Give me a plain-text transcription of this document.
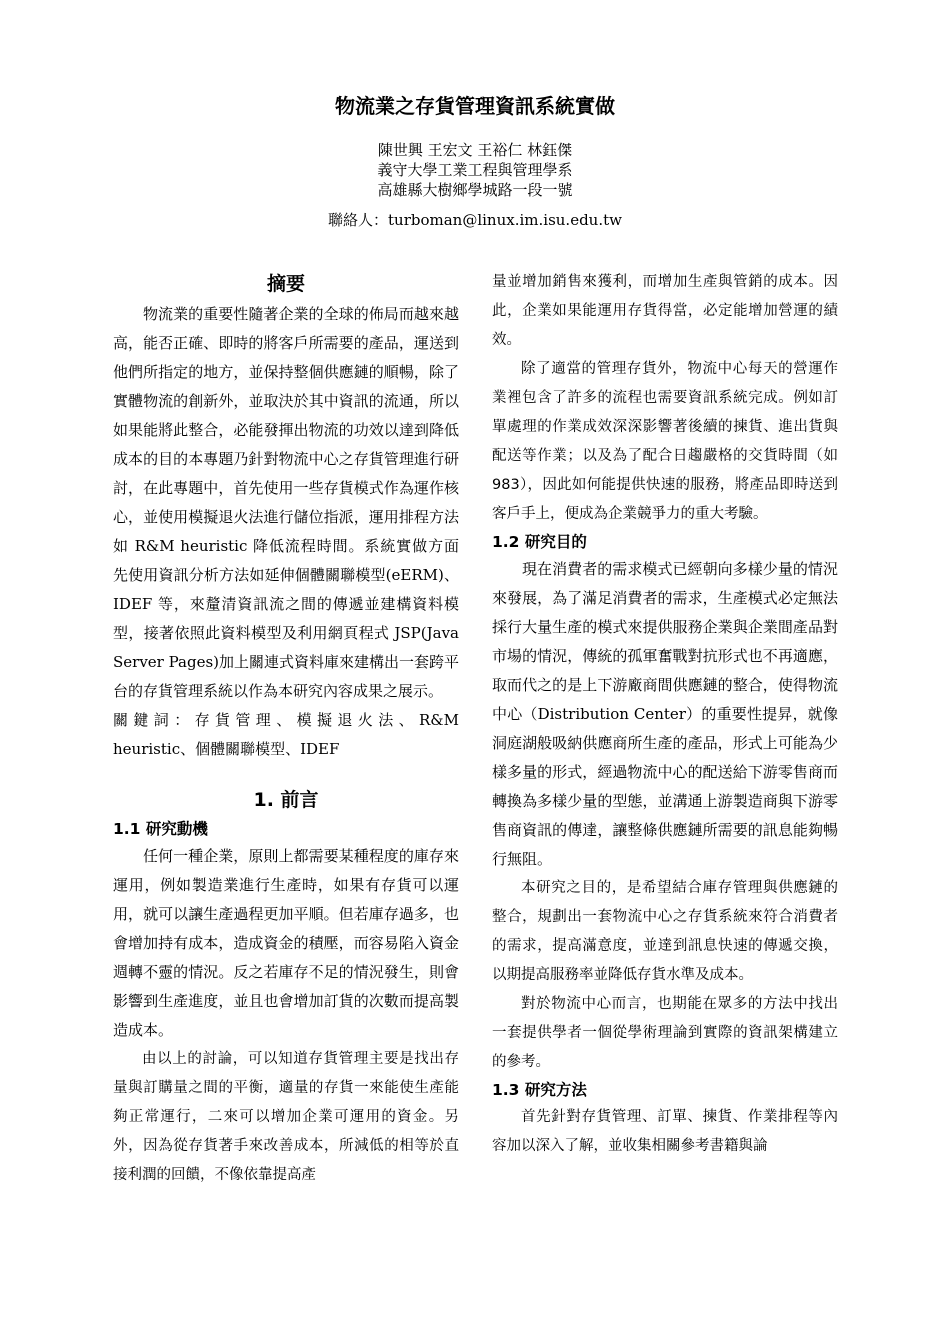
物流業之存貨管理資訊系統實做
陳世興 王宏文 王裕仁 林鈺傑
義守大學工業工程與管理學系
高雄縣大樹鄉學城路一段一號
聯絡人：turboman@linux.im.isu.edu.tw
摘要

物流業的重要性隨著企業的全球的佈局而越來越高，能否正確、即時的將客戶所需要的產品，運送到他們所指定的地方，並保持整個供應鏈的順暢，除了實體物流的創新外，並取決於其中資訊的流通，所以如果能將此整合，必能發揮出物流的功效以達到降低成本的目的本專題乃針對物流中心之存貨管理進行研討，在此專題中，首先使用一些存貨模式作為運作核心，並使用模擬退火法進行儲位指派，運用排程方法如 R&M heuristic 降低流程時間。系統實做方面先使用資訊分析方法如延伸個體關聯模型(eERM)、IDEF 等，來釐清資訊流之間的傳遞並建構資料模型，接著依照此資料模型及利用網頁程式 JSP(Java Server Pages)加上關連式資料庫來建構出一套跨平台的存貨管理系統以作為本研究內容成果之展示。

關鍵詞：存貨管理、模擬退火法、R&M heuristic、個體關聯模型、IDEF

1. 前言
1.1 研究動機

任何一種企業，原則上都需要某種程度的庫存來運用，例如製造業進行生產時，如果有存貨可以運用，就可以讓生產過程更加平順。但若庫存過多，也會增加持有成本，造成資金的積壓，而容易陷入資金週轉不靈的情況。反之若庫存不足的情況發生，則會影響到生產進度，並且也會增加訂貨的次數而提高製造成本。

由以上的討論，可以知道存貨管理主要是找出存量與訂購量之間的平衡，適量的存貨一來能使生產能夠正常運行，二來可以增加企業可運用的資金。另外，因為從存貨著手來改善成本，所減低的相等於直接利潤的回饋，不像依靠提高產

量並增加銷售來獲利，而增加生產與管銷的成本。因此，企業如果能運用存貨得當，必定能增加營運的績效。

除了適當的管理存貨外，物流中心每天的營運作業裡包含了許多的流程也需要資訊系統完成。例如訂單處理的作業成效深深影響著後續的揀貨、進出貨與配送等作業；以及為了配合日趨嚴格的交貨時間（如 983），因此如何能提供快速的服務，將產品即時送到客戶手上，便成為企業競爭力的重大考驗。

1.2 研究目的

現在消費者的需求模式已經朝向多樣少量的情況來發展，為了滿足消費者的需求，生產模式必定無法採行大量生產的模式來提供服務企業與企業間產品對市場的情況，傳統的孤軍奮戰對抗形式也不再適應，取而代之的是上下游廠商間供應鏈的整合，使得物流中心（Distribution Center）的重要性提昇，就像洞庭湖般吸納供應商所生產的產品，形式上可能為少樣多量的形式，經過物流中心的配送給下游零售商而轉換為多樣少量的型態，並溝通上游製造商與下游零售商資訊的傳達，讓整條供應鏈所需要的訊息能夠暢行無阻。

本研究之目的，是希望結合庫存管理與供應鏈的整合，規劃出一套物流中心之存貨系統來符合消費者的需求，提高滿意度，並達到訊息快速的傳遞交換，以期提高服務率並降低存貨水準及成本。

對於物流中心而言，也期能在眾多的方法中找出一套提供學者一個從學術理論到實際的資訊架構建立的參考。

1.3 研究方法

首先針對存貨管理、訂單、揀貨、作業排程等內容加以深入了解，並收集相關參考書籍與論
